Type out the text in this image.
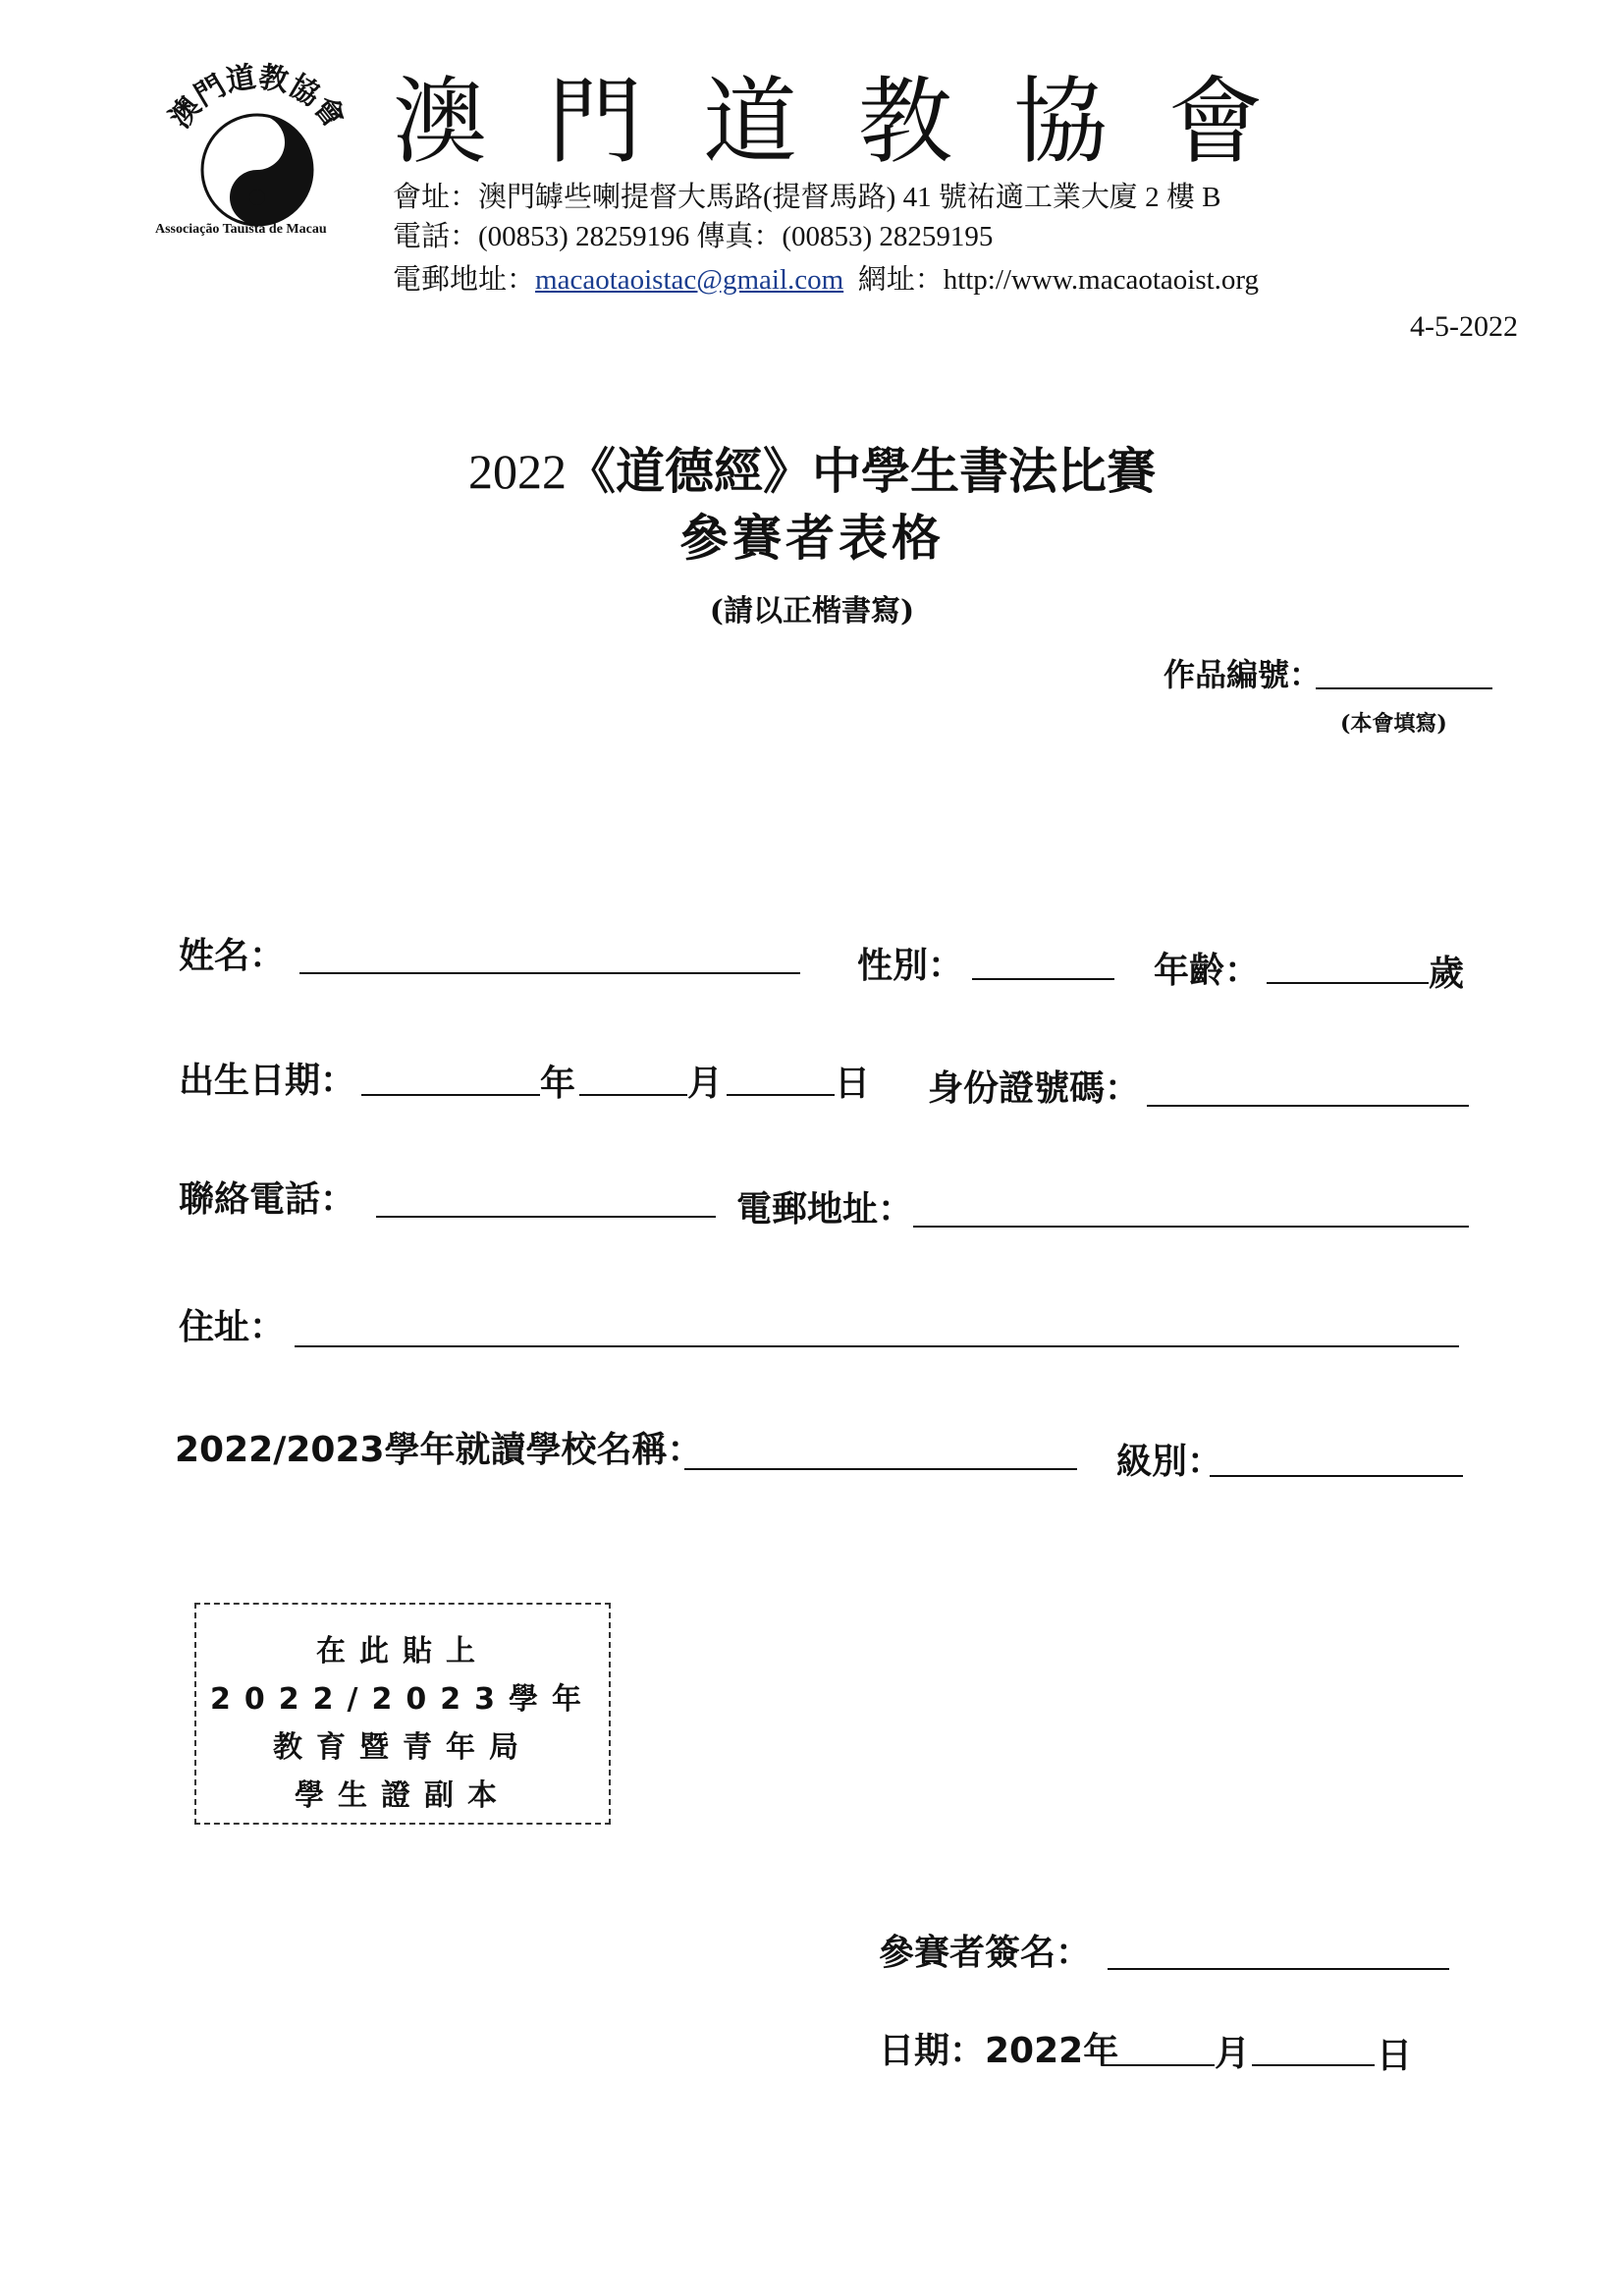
澳門道教協會
Associação Tauista de Macau
澳門道教協會
會址：澳門罅些喇提督大馬路(提督馬路) 41 號祐適工業大廈 2 樓 B
電話：(00853) 28259196 傳真：(00853) 28259195
電郵地址：macaotaoistac@gmail.com 網址：http://www.macaotaoist.org
4-5-2022
2022《道德經》中學生書法比賽
參賽者表格
(請以正楷書寫)
作品編號：
(本會填寫)
姓名：	性別：	年齡：	歲
出生日期：	年	月	日 身份證號碼：
聯絡電話：	電郵地址：
住址：
2022/2023學年就讀學校名稱：	級別：
在此貼上
2022/2023學年
教育暨青年局
學生證副本
參賽者簽名：
日期：2022年	月	日
